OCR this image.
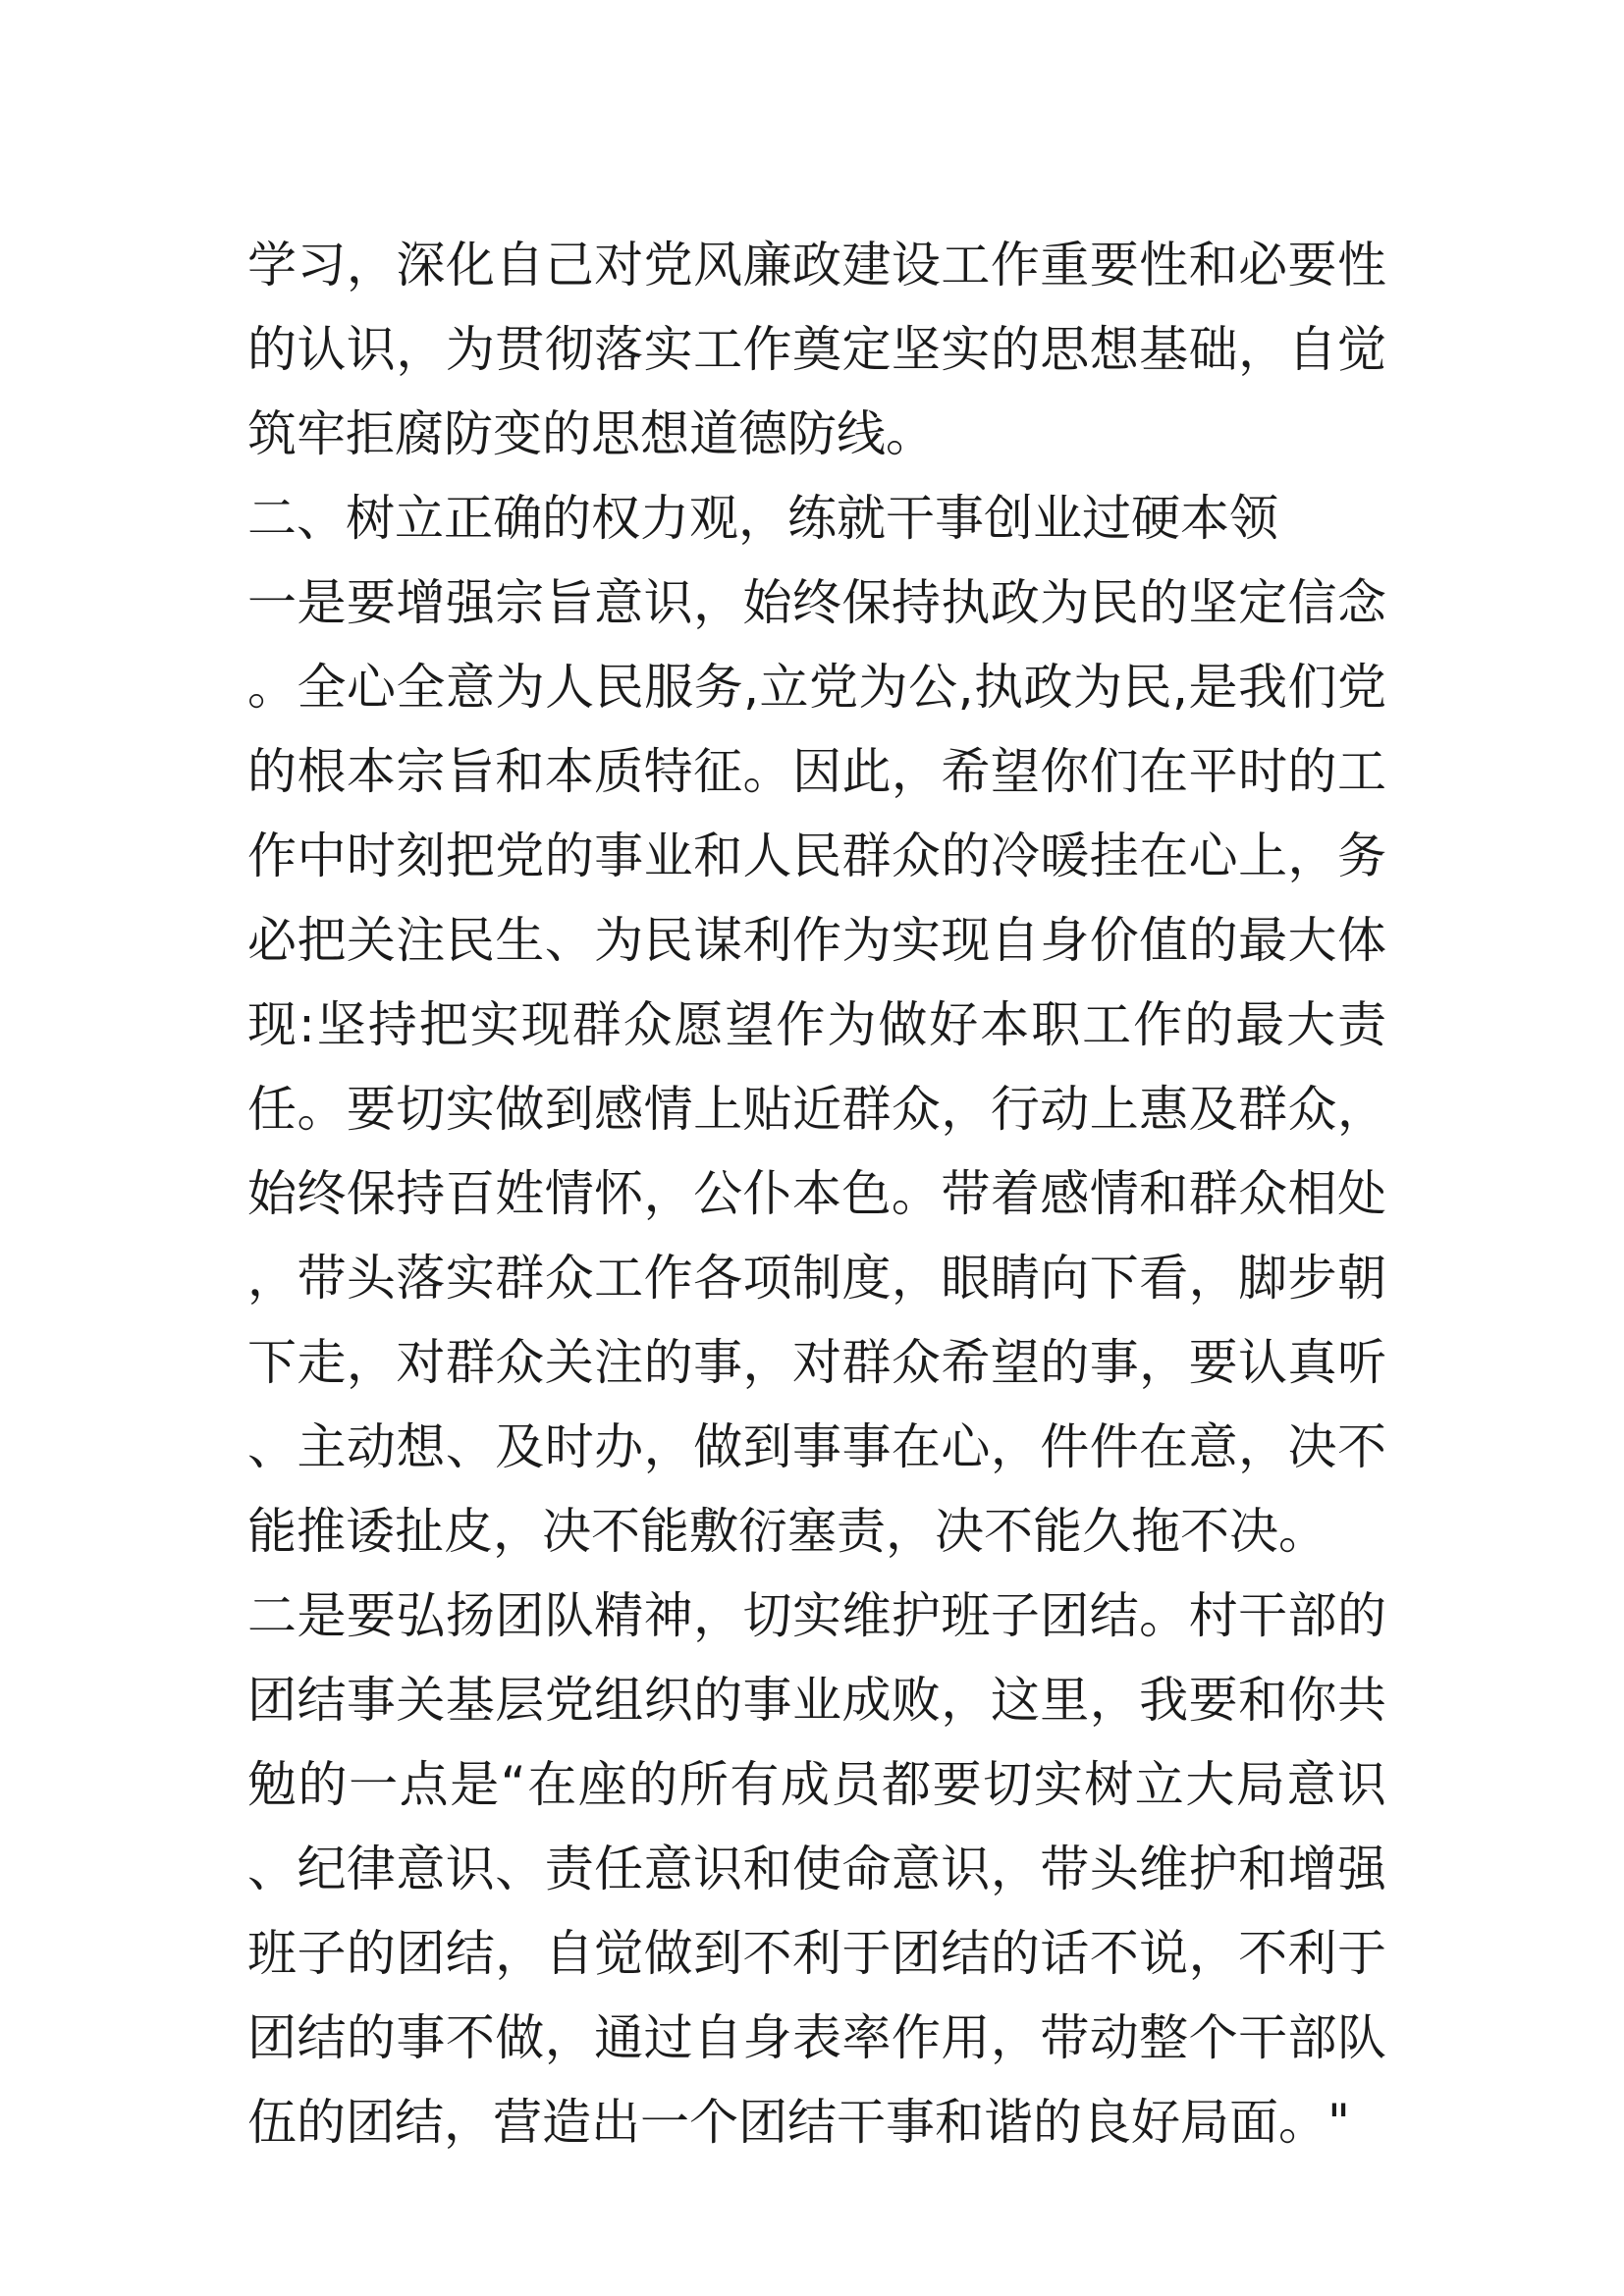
学习，深化自己对党风廉政建设工作重要性和必要性的认识，为贯彻落实工作奠定坚实的思想基础，自觉筑牢拒腐防变的思想道德防线。

二、树立正确的权力观，练就干事创业过硬本领

一是要增强宗旨意识，始终保持执政为民的坚定信念。全心全意为人民服务,立党为公,执政为民,是我们党的根本宗旨和本质特征。因此，希望你们在平时的工作中时刻把党的事业和人民群众的冷暖挂在心上，务必把关注民生、为民谋利作为实现自身价值的最大体现:坚持把实现群众愿望作为做好本职工作的最大责任。要切实做到感情上贴近群众，行动上惠及群众，始终保持百姓情怀，公仆本色。带着感情和群众相处，带头落实群众工作各项制度，眼睛向下看，脚步朝下走，对群众关注的事，对群众希望的事，要认真听、主动想、及时办，做到事事在心，件件在意，决不能推诿扯皮，决不能敷衍塞责，决不能久拖不决。

二是要弘扬团队精神，切实维护班子团结。村干部的团结事关基层党组织的事业成败，这里，我要和你共勉的一点是“在座的所有成员都要切实树立大局意识、纪律意识、责任意识和使命意识，带头维护和增强班子的团结，自觉做到不利于团结的话不说，不利于团结的事不做，通过自身表率作用，带动整个干部队伍的团结，营造出一个团结干事和谐的良好局面。"
